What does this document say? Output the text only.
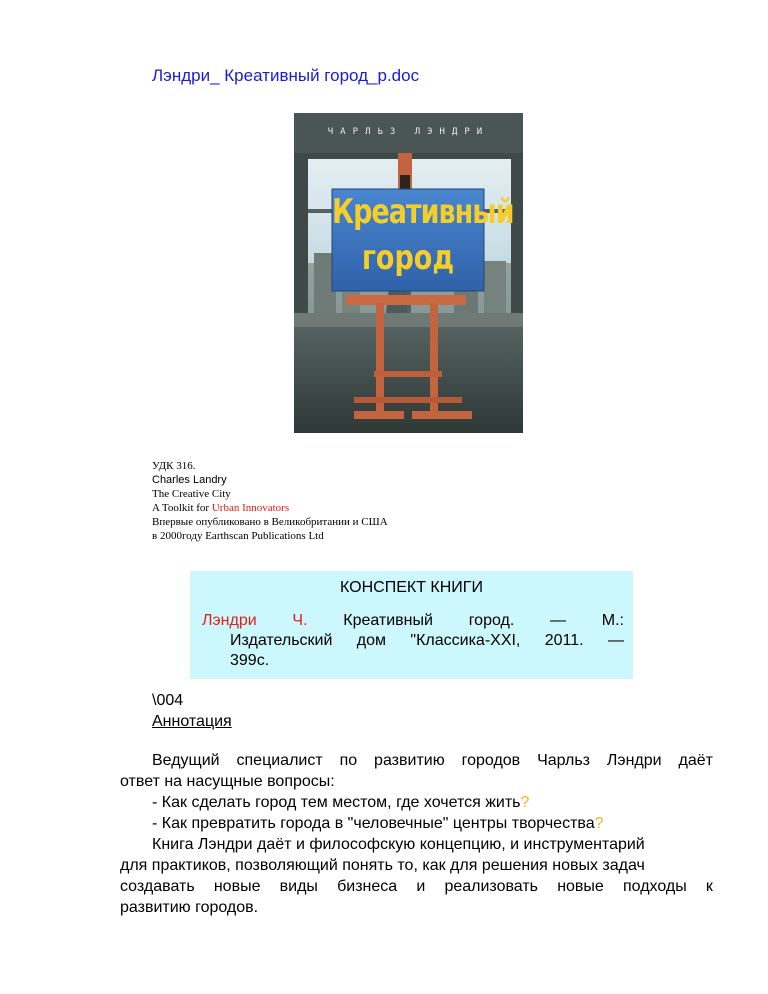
Лэндри_ Креативный город_р.doc
ЧАРЛЬЗ ЛЭНДРИ
Креативный
город
УДК 316.
Charles Landry
The Creative City
A Toolkit for Urban Innovators
Впервые опубликовано в Великобритании и США
в 2000году Earthscan Publications Ltd
КОНСПЕКТ КНИГИ
Лэндри Ч. Креативный город. — М.:
Издательский дом "Классика-XXI, 2011. —
399с.
\004
Аннотация
Ведущий специалист по развитию городов Чарльз Лэндри даёт
ответ на насущные вопросы:
- Как сделать город тем местом, где хочется жить ?
- Как превратить города в "человечные" центры творчества ?
Книга Лэндри даёт и философскую концепцию, и инструментарий
для практиков, позволяющий понять то, как для решения новых задач
создавать новые виды бизнеса и реализовать новые подходы к
развитию городов.
